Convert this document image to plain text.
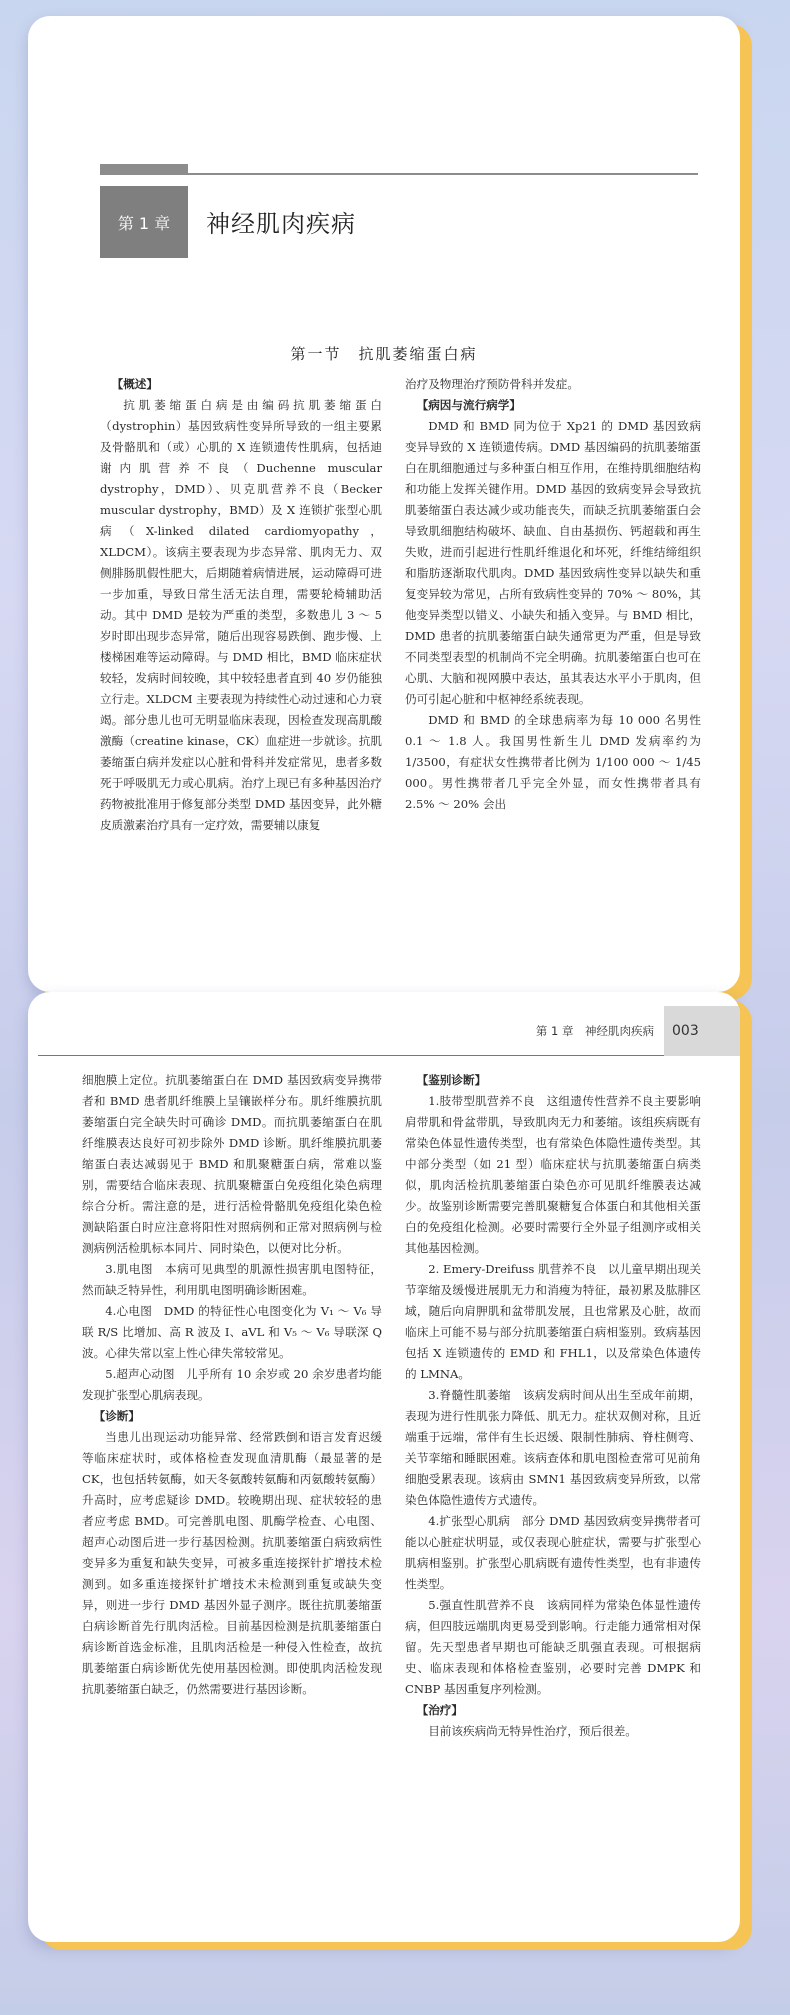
第 1 章	神经肌肉疾病
第一节　抗肌萎缩蛋白病

【概述】

抗肌萎缩蛋白病是由编码抗肌萎缩蛋白（dystrophin）基因致病性变异所导致的一组主要累及骨骼肌和（或）心肌的 X 连锁遗传性肌病，包括迪谢内肌营养不良（Duchenne muscular dystrophy，DMD）、贝克肌营养不良（Becker muscular dystrophy，BMD）及 X 连锁扩张型心肌病（X-linked dilated cardiomyopathy，XLDCM）。该病主要表现为步态异常、肌肉无力、双侧腓肠肌假性肥大，后期随着病情进展，运动障碍可进一步加重，导致日常生活无法自理，需要轮椅辅助活动。其中 DMD 是较为严重的类型，多数患儿 3 ～ 5 岁时即出现步态异常，随后出现容易跌倒、跑步慢、上楼梯困难等运动障碍。与 DMD 相比，BMD 临床症状较轻，发病时间较晚，其中较轻患者直到 40 岁仍能独立行走。XLDCM 主要表现为持续性心动过速和心力衰竭。部分患儿也可无明显临床表现，因检查发现高肌酸激酶（creatine kinase，CK）血症进一步就诊。抗肌萎缩蛋白病并发症以心脏和骨科并发症常见，患者多数死于呼吸肌无力或心肌病。治疗上现已有多种基因治疗药物被批准用于修复部分类型 DMD 基因变异，此外糖皮质激素治疗具有一定疗效，需要辅以康复

治疗及物理治疗预防骨科并发症。

【病因与流行病学】

DMD 和 BMD 同为位于 Xp21 的 DMD 基因致病变异导致的 X 连锁遗传病。DMD 基因编码的抗肌萎缩蛋白在肌细胞通过与多种蛋白相互作用，在维持肌细胞结构和功能上发挥关键作用。DMD 基因的致病变异会导致抗肌萎缩蛋白表达减少或功能丧失，而缺乏抗肌萎缩蛋白会导致肌细胞结构破坏、缺血、自由基损伤、钙超载和再生失败，进而引起进行性肌纤维退化和坏死，纤维结缔组织和脂肪逐渐取代肌肉。DMD 基因致病性变异以缺失和重复变异较为常见，占所有致病性变异的 70% ～ 80%，其他变异类型以错义、小缺失和插入变异。与 BMD 相比，DMD 患者的抗肌萎缩蛋白缺失通常更为严重，但是导致不同类型表型的机制尚不完全明确。抗肌萎缩蛋白也可在心肌、大脑和视网膜中表达，虽其表达水平小于肌肉，但仍可引起心脏和中枢神经系统表现。

DMD 和 BMD 的全球患病率为每 10 000 名男性 0.1 ～ 1.8 人。我国男性新生儿 DMD 发病率约为 1/3500，有症状女性携带者比例为 1/100 000 ～ 1/45 000。男性携带者几乎完全外显，而女性携带者具有 2.5% ～ 20% 会出

第 1 章　神经肌肉疾病	003

细胞膜上定位。抗肌萎缩蛋白在 DMD 基因致病变异携带者和 BMD 患者肌纤维膜上呈镶嵌样分布。肌纤维膜抗肌萎缩蛋白完全缺失时可确诊 DMD。而抗肌萎缩蛋白在肌纤维膜表达良好可初步除外 DMD 诊断。肌纤维膜抗肌萎缩蛋白表达减弱见于 BMD 和肌聚糖蛋白病，常难以鉴别，需要结合临床表现、抗肌聚糖蛋白免疫组化染色病理综合分析。需注意的是，进行活检骨骼肌免疫组化染色检测缺陷蛋白时应注意将阳性对照病例和正常对照病例与检测病例活检肌标本同片、同时染色，以便对比分析。

3.肌电图　本病可见典型的肌源性损害肌电图特征，然而缺乏特异性，利用肌电图明确诊断困难。

4.心电图　DMD 的特征性心电图变化为 V₁ ～ V₆ 导联 R/S 比增加、高 R 波及 Ⅰ、aVL 和 V₅ ～ V₆ 导联深 Q 波。心律失常以室上性心律失常较常见。

5.超声心动图　儿乎所有 10 余岁或 20 余岁患者均能发现扩张型心肌病表现。

【诊断】

当患儿出现运动功能异常、经常跌倒和语言发育迟缓等临床症状时，或体格检查发现血清肌酶（最显著的是 CK，也包括转氨酶，如天冬氨酸转氨酶和丙氨酸转氨酶）升高时，应考虑疑诊 DMD。较晚期出现、症状较轻的患者应考虑 BMD。可完善肌电图、肌酶学检查、心电图、超声心动图后进一步行基因检测。抗肌萎缩蛋白病致病性变异多为重复和缺失变异，可被多重连接探针扩增技术检测到。如多重连接探针扩增技术未检测到重复或缺失变异，则进一步行 DMD 基因外显子测序。既往抗肌萎缩蛋白病诊断首先行肌肉活检。目前基因检测是抗肌萎缩蛋白病诊断首选金标准，且肌肉活检是一种侵入性检查，故抗肌萎缩蛋白病诊断优先使用基因检测。即使肌肉活检发现抗肌萎缩蛋白缺乏，仍然需要进行基因诊断。

【鉴别诊断】

1.肢带型肌营养不良　这组遗传性营养不良主要影响肩带肌和骨盆带肌，导致肌肉无力和萎缩。该组疾病既有常染色体显性遗传类型，也有常染色体隐性遗传类型。其中部分类型（如 21 型）临床症状与抗肌萎缩蛋白病类似，肌肉活检抗肌萎缩蛋白染色亦可见肌纤维膜表达减少。故鉴别诊断需要完善肌聚糖复合体蛋白和其他相关蛋白的免疫组化检测。必要时需要行全外显子组测序或相关其他基因检测。

2. Emery-Dreifuss 肌营养不良　以儿童早期出现关节挛缩及缓慢进展肌无力和消瘦为特征，最初累及肱腓区域，随后向肩胛肌和盆带肌发展，且也常累及心脏，故而临床上可能不易与部分抗肌萎缩蛋白病相鉴别。致病基因包括 X 连锁遗传的 EMD 和 FHL1，以及常染色体遗传的 LMNA。

3.脊髓性肌萎缩　该病发病时间从出生至成年前期，表现为进行性肌张力降低、肌无力。症状双侧对称，且近端重于远端，常伴有生长迟缓、限制性肺病、脊柱侧弯、关节挛缩和睡眠困难。该病查体和肌电图检查常可见前角细胞受累表现。该病由 SMN1 基因致病变异所致，以常染色体隐性遗传方式遗传。

4.扩张型心肌病　部分 DMD 基因致病变异携带者可能以心脏症状明显，或仅表现心脏症状，需要与扩张型心肌病相鉴别。扩张型心肌病既有遗传性类型，也有非遗传性类型。

5.强直性肌营养不良　该病同样为常染色体显性遗传病，但四肢远端肌肉更易受到影响。行走能力通常相对保留。先天型患者早期也可能缺乏肌强直表现。可根据病史、临床表现和体格检查鉴别，必要时完善 DMPK 和 CNBP 基因重复序列检测。

【治疗】

目前该疾病尚无特异性治疗，预后很差。
